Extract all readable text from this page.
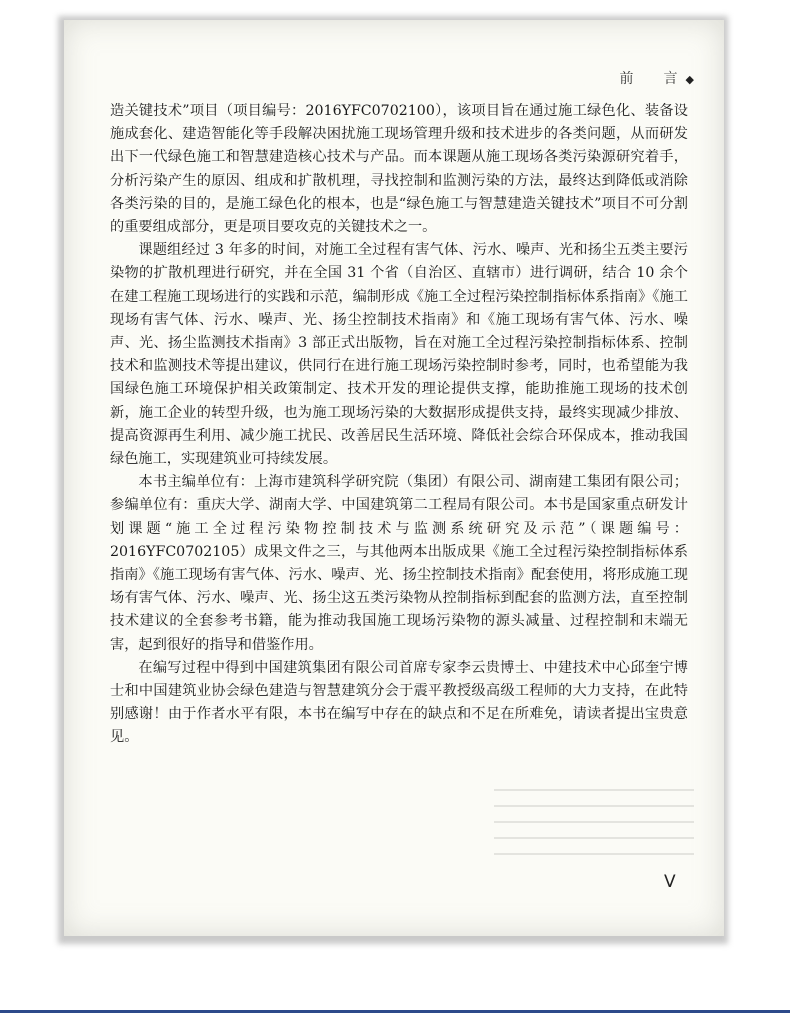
前　言◆

造关键技术”项目（项目编号：2016YFC0702100），该项目旨在通过施工绿色化、装备设施成套化、建造智能化等手段解决困扰施工现场管理升级和技术进步的各类问题，从而研发出下一代绿色施工和智慧建造核心技术与产品。而本课题从施工现场各类污染源研究着手，分析污染产生的原因、组成和扩散机理，寻找控制和监测污染的方法，最终达到降低或消除各类污染的目的，是施工绿色化的根本，也是“绿色施工与智慧建造关键技术”项目不可分割的重要组成部分，更是项目要攻克的关键技术之一。

课题组经过 3 年多的时间，对施工全过程有害气体、污水、噪声、光和扬尘五类主要污染物的扩散机理进行研究，并在全国 31 个省（自治区、直辖市）进行调研，结合 10 余个在建工程施工现场进行的实践和示范，编制形成《施工全过程污染控制指标体系指南》《施工现场有害气体、污水、噪声、光、扬尘控制技术指南》和《施工现场有害气体、污水、噪声、光、扬尘监测技术指南》3 部正式出版物，旨在对施工全过程污染控制指标体系、控制技术和监测技术等提出建议，供同行在进行施工现场污染控制时参考，同时，也希望能为我国绿色施工环境保护相关政策制定、技术开发的理论提供支撑，能助推施工现场的技术创新，施工企业的转型升级，也为施工现场污染的大数据形成提供支持，最终实现减少排放、提高资源再生利用、减少施工扰民、改善居民生活环境、降低社会综合环保成本，推动我国绿色施工，实现建筑业可持续发展。

本书主编单位有：上海市建筑科学研究院（集团）有限公司、湖南建工集团有限公司；参编单位有：重庆大学、湖南大学、中国建筑第二工程局有限公司。本书是国家重点研发计划课题“施工全过程污染物控制技术与监测系统研究及示范”（课题编号：2016YFC0702105）成果文件之三，与其他两本出版成果《施工全过程污染控制指标体系指南》《施工现场有害气体、污水、噪声、光、扬尘控制技术指南》配套使用，将形成施工现场有害气体、污水、噪声、光、扬尘这五类污染物从控制指标到配套的监测方法，直至控制技术建议的全套参考书籍，能为推动我国施工现场污染物的源头减量、过程控制和末端无害，起到很好的指导和借鉴作用。

在编写过程中得到中国建筑集团有限公司首席专家李云贵博士、中建技术中心邱奎宁博士和中国建筑业协会绿色建造与智慧建筑分会于震平教授级高级工程师的大力支持，在此特别感谢！由于作者水平有限，本书在编写中存在的缺点和不足在所难免，请读者提出宝贵意见。

V
